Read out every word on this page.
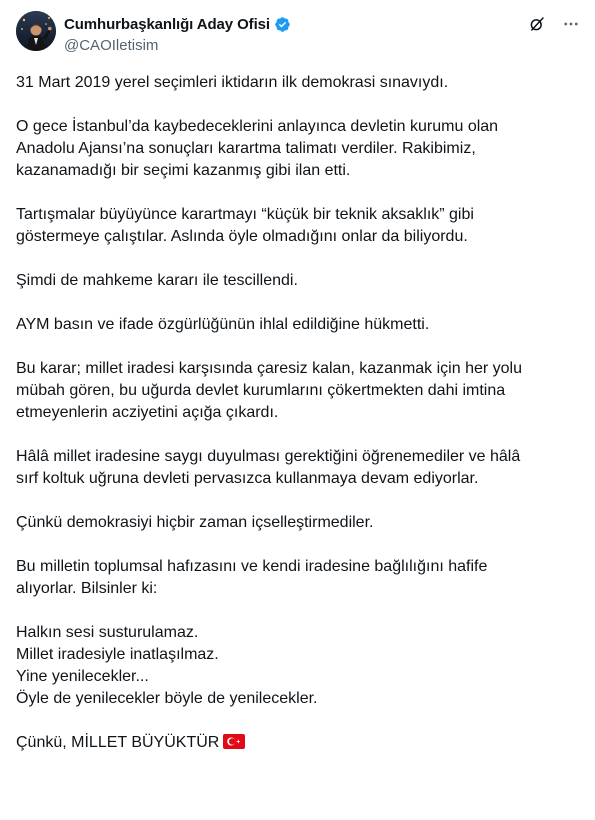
Cumhurbaşkanlığı Aday Ofisi
@CAOIletisim

31 Mart 2019 yerel seçimleri iktidarın ilk demokrasi sınavıydı.

O gece İstanbul’da kaybedeceklerini anlayınca devletin kurumu olan
Anadolu Ajansı’na sonuçları karartma talimatı verdiler. Rakibimiz,
kazanamadığı bir seçimi kazanmış gibi ilan etti.

Tartışmalar büyüyünce karartmayı “küçük bir teknik aksaklık” gibi
göstermeye çalıştılar. Aslında öyle olmadığını onlar da biliyordu.

Şimdi de mahkeme kararı ile tescillendi.

AYM basın ve ifade özgürlüğünün ihlal edildiğine hükmetti.

Bu karar; millet iradesi karşısında çaresiz kalan, kazanmak için her yolu
mübah gören, bu uğurda devlet kurumlarını çökertmekten dahi imtina
etmeyenlerin acziyetini açığa çıkardı.

Hâlâ millet iradesine saygı duyulması gerektiğini öğrenemediler ve hâlâ
sırf koltuk uğruna devleti pervasızca kullanmaya devam ediyorlar.

Çünkü demokrasiyi hiçbir zaman içselleştirmediler.

Bu milletin toplumsal hafızasını ve kendi iradesine bağlılığını hafife
alıyorlar. Bilsinler ki:

Halkın sesi susturulamaz.
Millet iradesiyle inatlaşılmaz.
Yine yenilecekler...
Öyle de yenilecekler böyle de yenilecekler.

Çünkü, MİLLET BÜYÜKTÜR
